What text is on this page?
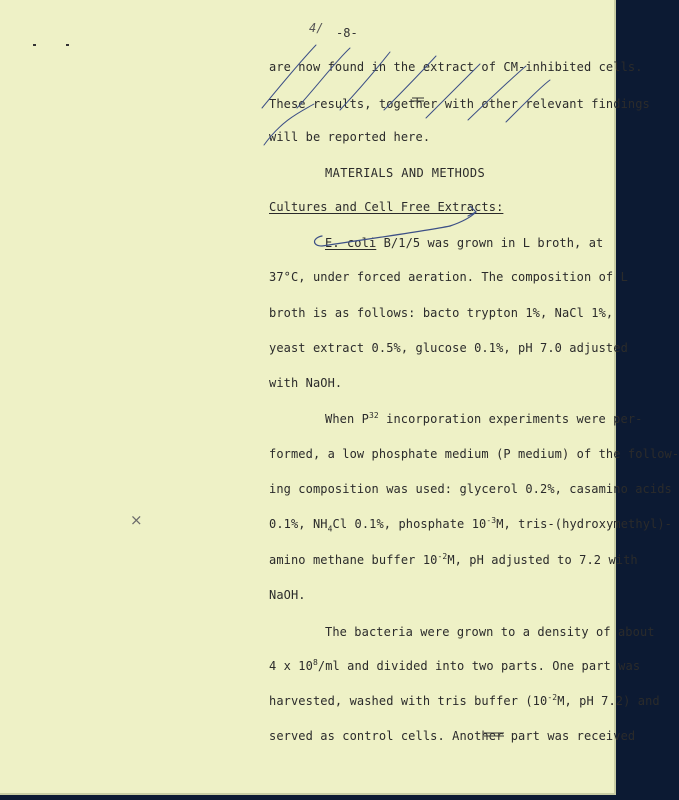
4/ -8-
are now found in the extract of CM-inhibited cells.
These results, together with other relevant findings
will be reported here.
MATERIALS AND METHODS
Cultures and Cell Free Extracts:
E. coli B/1/5 was grown in L broth, at
37°C, under forced aeration. The composition of L
broth is as follows: bacto trypton 1%, NaCl 1%,
yeast extract 0.5%, glucose 0.1%, pH 7.0 adjusted
with NaOH.
When $P^{32}$ incorporation experiments were per-
formed, a low phosphate medium (P medium) of the follow-
ing composition was used: glycerol 0.2%, casamino acids
0.1%, $NH_4Cl$ 0.1%, phosphate $10^{-3}M$, tris-(hydroxymethyl)-
amino methane buffer $10^{-2}M$, pH adjusted to 7.2 with
NaOH.
The bacteria were grown to a density of about
4 x $10^8/ml$ and divided into two parts. One part was
harvested, washed with tris buffer ($10^{-2}M$, pH 7.2) and
served as control cells. Another part was received
×
